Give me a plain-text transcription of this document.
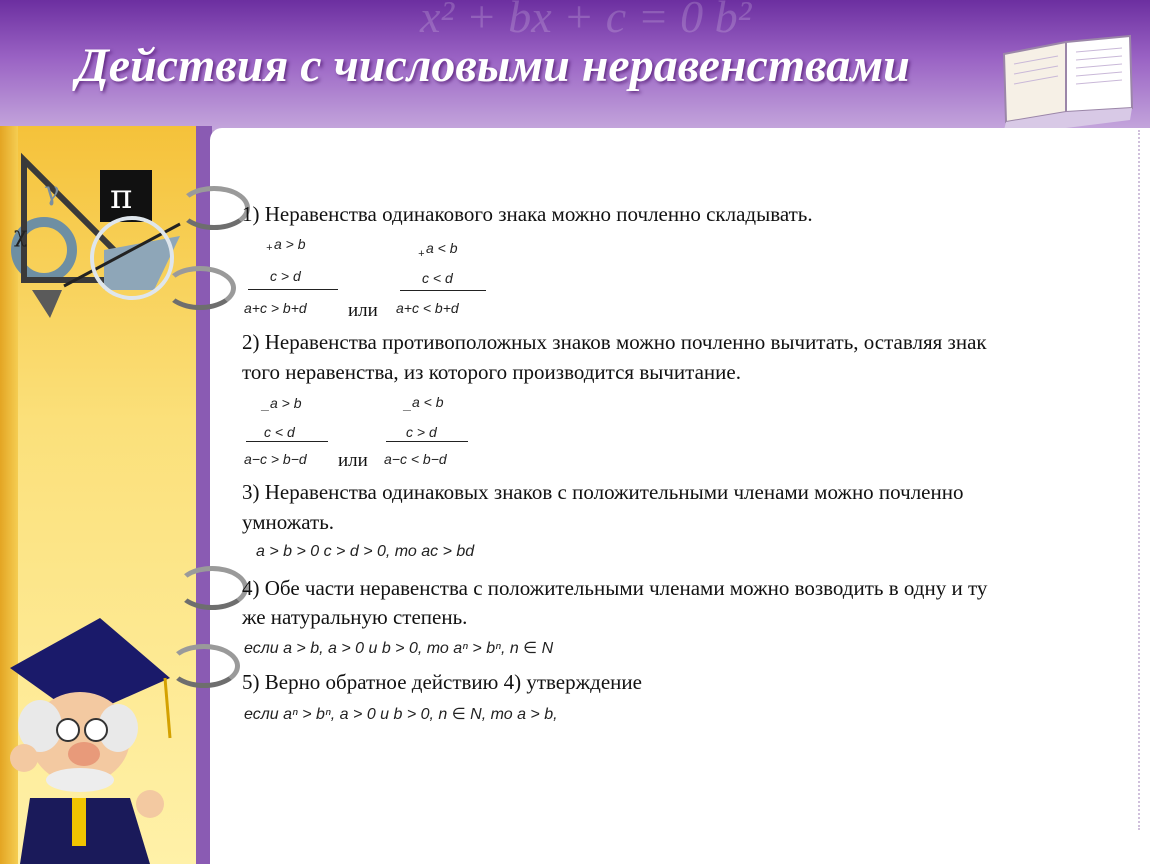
x² + bx + c = 0 b²
Действия с числовыми неравенствами
π
γ
χ
1) Неравенства одинакового знака можно почленно складывать.
+ a > b
c > d
a+c > b+d или
+ a < b
c < d
a+c < b+d
2) Неравенства противоположных знаков можно почленно вычитать, оставляя знак
того неравенства, из которого производится вычитание.
_ a > b
c < d
a−c > b−d или
_ a < b
c > d
a−c < b−d
3) Неравенства одинаковых знаков с положительными членами можно почленно
умножать.
a > b > 0 c > d > 0, то ac > bd
4) Обе части неравенства с положительными членами можно возводить в одну и ту
же натуральную степень.
если a > b, a > 0 и b > 0, то aⁿ > bⁿ, n ∈ N
5) Верно обратное действию 4) утверждение
если aⁿ > bⁿ, a > 0 и b > 0, n ∈ N, то a > b,
